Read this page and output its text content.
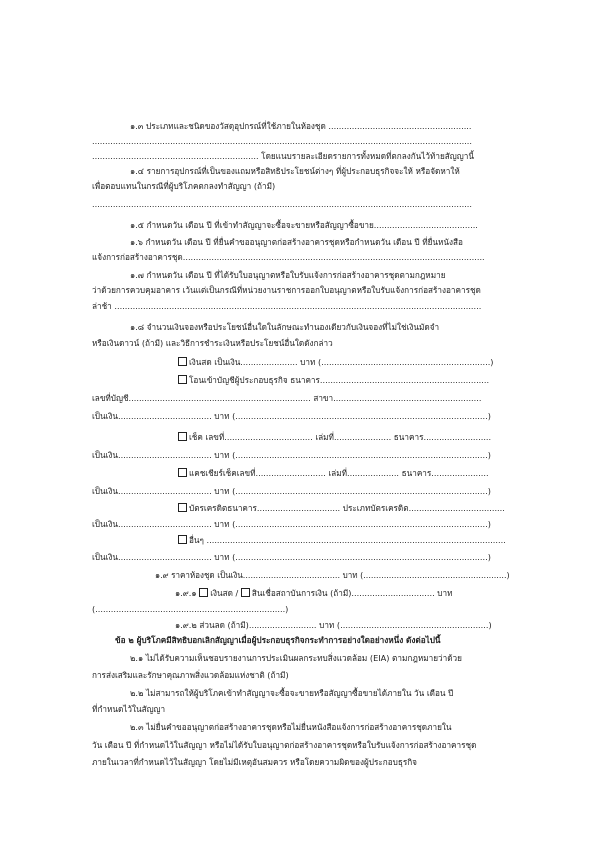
๑.๓ ประเภทและชนิดของวัสดุอุปกรณ์ที่ใช้ภายในห้องชุด .......................................................
..................................................................................................................................................
................................................................ โดยแนบรายละเอียดรายการทั้งหมดที่ตกลงกันไว้ท้ายสัญญานี้
๑.๔ รายการอุปกรณ์ที่เป็นของแถมหรือสิทธิประโยชน์ต่างๆ ที่ผู้ประกอบธุรกิจจะให้ หรือจัดหาให้
เพื่อตอบแทนในกรณีที่ผู้บริโภคตกลงทำสัญญา (ถ้ามี)
..................................................................................................................................................
๑.๕ กำหนดวัน เดือน ปี ที่เข้าทำสัญญาจะซื้อจะขายหรือสัญญาซื้อขาย........................................
๑.๖ กำหนดวัน เดือน ปี ที่ยื่นคำขออนุญาตก่อสร้างอาคารชุดหรือกำหนดวัน เดือน ปี ที่ยื่นหนังสือ
แจ้งการก่อสร้างอาคารชุด....................................................................................................................
๑.๗ กำหนดวัน เดือน ปี ที่ได้รับใบอนุญาตหรือใบรับแจ้งการก่อสร้างอาคารชุดตามกฎหมาย
ว่าด้วยการควบคุมอาคาร เว้นแต่เป็นกรณีที่หน่วยงานราชการออกใบอนุญาตหรือใบรับแจ้งการก่อสร้างอาคารชุด
ล่าช้า .............................................................................................................................................
๑.๘ จำนวนเงินจองหรือประโยชน์อื่นใดในลักษณะทำนองเดียวกับเงินจองที่ไม่ใช่เงินมัดจำ
หรือเงินดาวน์ (ถ้ามี) และวิธีการชำระเงินหรือประโยชน์อื่นใดดังกล่าว
เงินสด เป็นเงิน...................... บาท (.................................................................)
โอนเข้าบัญชีผู้ประกอบธุรกิจ ธนาคาร.................................................................
เลขที่บัญชี...................................................................... สาขา.........................................................
เป็นเงิน.................................... บาท (.................................................................................................)
เช็ค เลขที่.................................. เล่มที่...................... ธนาคาร..........................
เป็นเงิน.................................... บาท (.................................................................................................)
แคชเชียร์เช็คเลขที่........................... เล่มที่.................... ธนาคาร......................
เป็นเงิน.................................... บาท (.................................................................................................)
บัตรเครดิตธนาคาร................................ ประเภทบัตรเครดิต.....................................
เป็นเงิน.................................... บาท (.................................................................................................)
อื่นๆ ...................................................................................................................
เป็นเงิน.................................... บาท (.................................................................................................)
๑.๙ ราคาห้องชุด เป็นเงิน...................................... บาท (........................................................)
๑.๙.๑ เงินสด / สินเชื่อสถาบันการเงิน (ถ้ามี)................................ บาท
(.........................................................................)
๑.๙.๒ ส่วนลด (ถ้ามี).......................... บาท (.........................................................)
ข้อ ๒ ผู้บริโภคมีสิทธิบอกเลิกสัญญาเมื่อผู้ประกอบธุรกิจกระทำการอย่างใดอย่างหนึ่ง ดังต่อไปนี้
๒.๑ ไม่ได้รับความเห็นชอบรายงานการประเมินผลกระทบสิ่งแวดล้อม (EIA) ตามกฎหมายว่าด้วย
การส่งเสริมและรักษาคุณภาพสิ่งแวดล้อมแห่งชาติ (ถ้ามี)
๒.๒ ไม่สามารถให้ผู้บริโภคเข้าทำสัญญาจะซื้อจะขายหรือสัญญาซื้อขายได้ภายใน วัน เดือน ปี
ที่กำหนดไว้ในสัญญา
๒.๓ ไม่ยื่นคำขออนุญาตก่อสร้างอาคารชุดหรือไม่ยื่นหนังสือแจ้งการก่อสร้างอาคารชุดภายใน
วัน เดือน ปี ที่กำหนดไว้ในสัญญา หรือไม่ได้รับใบอนุญาตก่อสร้างอาคารชุดหรือใบรับแจ้งการก่อสร้างอาคารชุด
ภายในเวลาที่กำหนดไว้ในสัญญา โดยไม่มีเหตุอันสมควร หรือโดยความผิดของผู้ประกอบธุรกิจ
